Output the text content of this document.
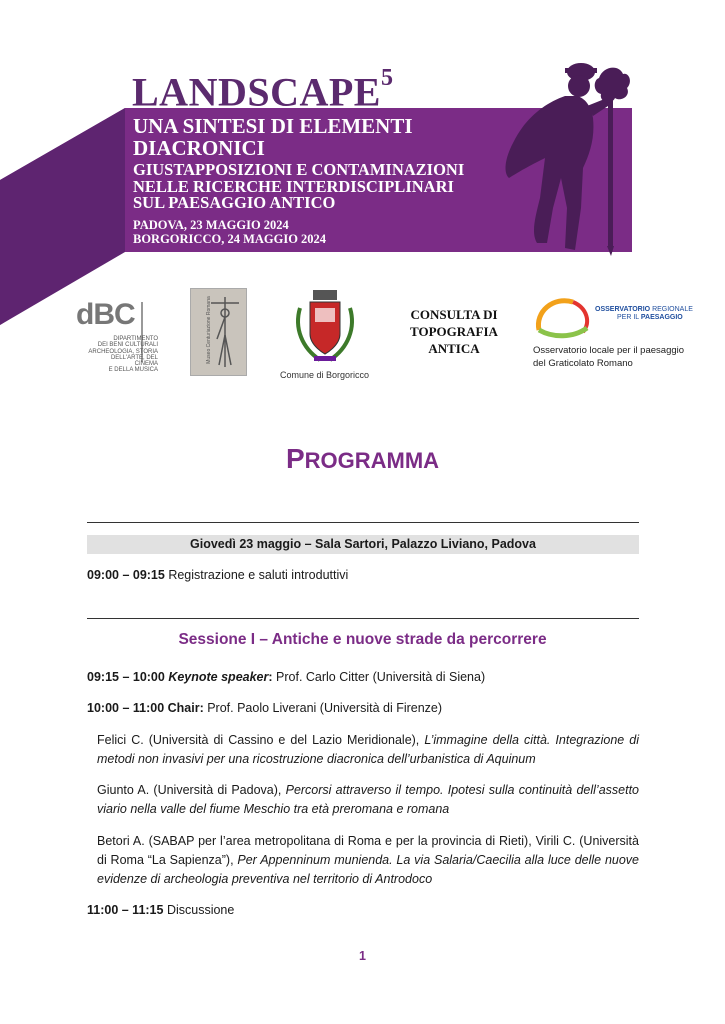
LANDSCAPE$^5$
UNA SINTESI DI ELEMENTI
DIACRONICI
GIUSTAPPOSIZIONI E CONTAMINAZIONI
NELLE RICERCHE INTERDISCIPLINARI
SUL PAESAGGIO ANTICO
PADOVA, 23 MAGGIO 2024
BORGORICCO, 24 MAGGIO 2024
dBC
DIPARTIMENTO
DEI BENI CULTURALI
ARCHEOLOGIA, STORIA
DELL'ARTE, DEL CINEMA
E DELLA MUSICA
Museo Centuriazione Romana
Comune di Borgoricco
CONSULTA DI
TOPOGRAFIA
ANTICA
OSSERVATORIO REGIONALE
PER IL PAESAGGIO
Osservatorio locale per il paesaggio
del Graticolato Romano
PROGRAMMA
Giovedì 23 maggio – Sala Sartori, Palazzo Liviano, Padova
09:00 – 09:15 Registrazione e saluti introduttivi
Sessione I – Antiche e nuove strade da percorrere
09:15 – 10:00 Keynote speaker: Prof. Carlo Citter (Università di Siena)
10:00 – 11:00 Chair: Prof. Paolo Liverani (Università di Firenze)
Felici C. (Università di Cassino e del Lazio Meridionale), L’immagine della città. Integrazione di metodi non invasivi per una ricostruzione diacronica dell’urbanistica di Aquinum
Giunto A. (Università di Padova), Percorsi attraverso il tempo. Ipotesi sulla continuità dell’assetto viario nella valle del fiume Meschio tra età preromana e romana
Betori A. (SABAP per l’area metropolitana di Roma e per la provincia di Rieti), Virili C. (Università di Roma “La Sapienza”), Per Appenninum munienda. La via Salaria/Caecilia alla luce delle nuove evidenze di archeologia preventiva nel territorio di Antrodoco
11:00 – 11:15 Discussione
1
